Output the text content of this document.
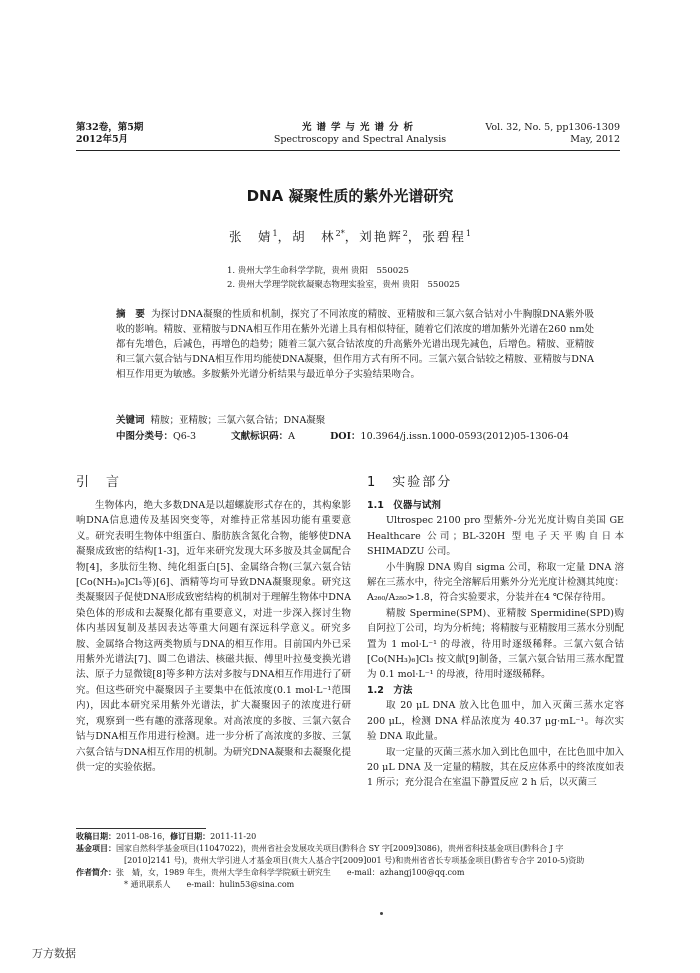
第32卷，第5期
2012年5月
光谱学与光谱分析
Spectroscopy and Spectral Analysis
Vol. 32, No. 5, pp1306-1309
May, 2012
DNA 凝聚性质的紫外光谱研究
张　婧$^1$，胡　林$^{2*}$，刘艳辉$^2$，张碧程$^1$
1. 贵州大学生命科学学院，贵州 贵阳　550025
2. 贵州大学理学院软凝聚态物理实验室，贵州 贵阳　550025
摘　要 为探讨DNA凝聚的性质和机制，探究了不同浓度的精胺、亚精胺和三氯六氨合钴对小牛胸腺DNA紫外吸收的影响。精胺、亚精胺与DNA相互作用在紫外光谱上具有相似特征，随着它们浓度的增加紫外光谱在260 nm处都有先增色，后减色，再增色的趋势；随着三氯六氨合钴浓度的升高紫外光谱出现先减色，后增色。精胺、亚精胺和三氯六氨合钴与DNA相互作用均能使DNA凝聚，但作用方式有所不同。三氯六氨合钴较之精胺、亚精胺与DNA相互作用更为敏感。多胺紫外光谱分析结果与最近单分子实验结果吻合。
关键词 精胺；亚精胺；三氯六氨合钴；DNA凝聚
中图分类号：Q6-3	文献标识码：A	DOI：10.3964/j.issn.1000-0593(2012)05-1306-04
引　言	1　实验部分

生物体内，绝大多数DNA是以超螺旋形式存在的，其构象影响DNA信息遗传及基因突变等，对维持正常基因功能有重要意义。研究表明生物体中组蛋白、脂肪族含氮化合物，能够使DNA凝聚成致密的结构[1-3]，近年来研究发现大环多胺及其金属配合物[4]，多肽衍生物、纯化组蛋白[5]、金属络合物(三氯六氨合钴[Co(NH₃)₆]Cl₃等)[6]、酒精等均可导致DNA凝聚现象。研究这类凝聚因子促使DNA形成致密结构的机制对于理解生物体中DNA染色体的形成和去凝聚化都有重要意义，对进一步深入探讨生物体内基因复制及基因表达等重大问题有深远科学意义。研究多胺、金属络合物这两类物质与DNA的相互作用。目前国内外已采用紫外光谱法[7]、圆二色谱法、核磁共振、傅里叶拉曼变换光谱法、原子力显微镜[8]等多种方法对多胺与DNA相互作用进行了研究。但这些研究中凝聚因子主要集中在低浓度(0.1 mol·L⁻¹范围内)，因此本研究采用紫外光谱法，扩大凝聚因子的浓度进行研究，观察到一些有趣的涨落现象。对高浓度的多胺、三氯六氨合钴与DNA相互作用进行检测。进一步分析了高浓度的多胺、三氯六氨合钴与DNA相互作用的机制。为研究DNA凝聚和去凝聚化提供一定的实验依据。

1.1　仪器与试剂

Ultrospec 2100 pro 型紫外-分光光度计购自美国 GE Healthcare 公司；BL-320H 型电子天平购自日本 SHIMADZU 公司。

小牛胸腺 DNA 购自 sigma 公司，称取一定量 DNA 溶解在三蒸水中，待完全溶解后用紫外分光光度计检测其纯度：A₂₆₀/A₂₈₀>1.8，符合实验要求，分装并在4 ℃保存待用。

精胺 Spermine(SPM)、亚精胺 Spermidine(SPD)购自阿拉丁公司，均为分析纯；将精胺与亚精胺用三蒸水分别配置为 1 mol·L⁻¹ 的母液，待用时逐级稀释。三氯六氨合钴[Co(NH₃)₆]Cl₃ 按文献[9]制备，三氯六氨合钴用三蒸水配置为 0.1 mol·L⁻¹ 的母液，待用时逐级稀释。

1.2　方法

取 20 μL DNA 放入比色皿中，加入灭菌三蒸水定容 200 μL，检测 DNA 样品浓度为 40.37 μg·mL⁻¹。每次实验 DNA 取此量。

取一定量的灭菌三蒸水加入到比色皿中，在比色皿中加入 20 μL DNA 及一定量的精胺，其在反应体系中的终浓度如表 1 所示；充分混合在室温下静置反应 2 h 后，以灭菌三

收稿日期：2011-08-16，修订日期：2011-11-20

基金项目：国家自然科学基金项目(11047022)，贵州省社会发展攻关项目(黔科合 SY 字[2009]3086)，贵州省科技基金项目(黔科合 J 字

[2010]2141 号)，贵州大学引进人才基金项目(贵大人基合字[2009]001 号)和贵州省省长专项基金项目(黔省专合字 2010-5)资助

作者简介：张　婧，女，1989 年生，贵州大学生命科学学院硕士研究生　　e-mail：azhangj100@qq.com

* 通讯联系人　　e-mail：hulin53@sina.com

万方数据
